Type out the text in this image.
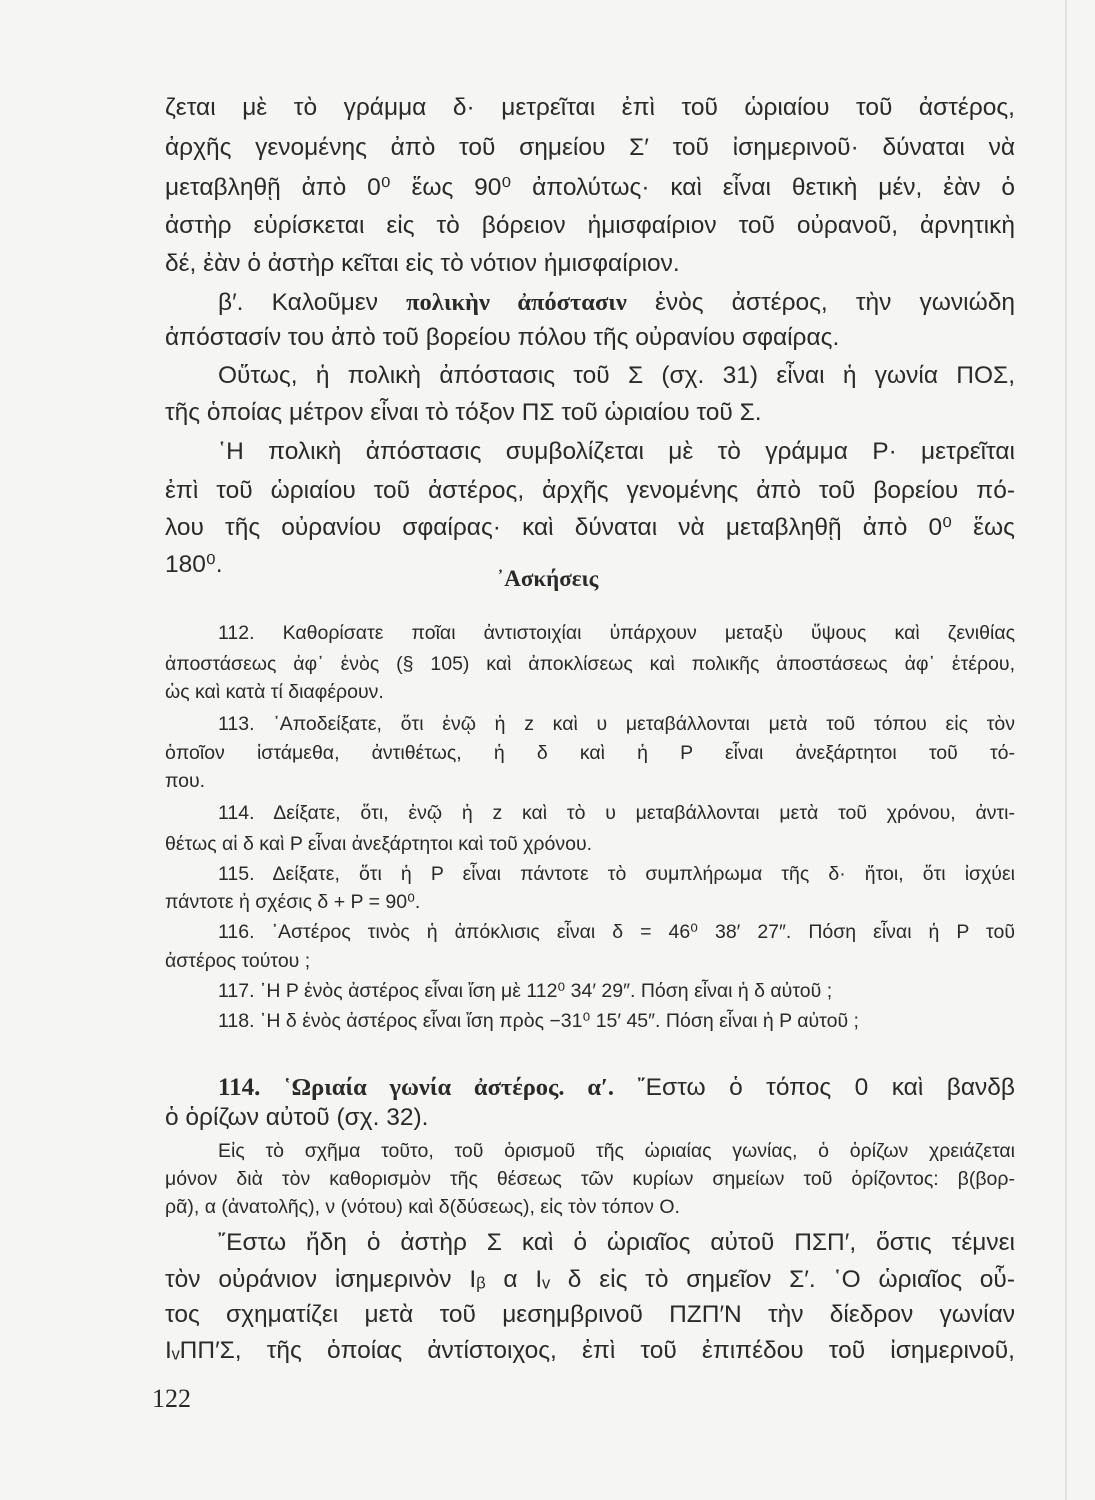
ζεται μὲ τὸ γράμμα δ· μετρεῖται ἐπὶ τοῦ ὡριαίου τοῦ ἀστέρος,
ἀρχῆς γενομένης ἀπὸ τοῦ σημείου Σ′ τοῦ ἰσημερινοῦ· δύναται νὰ
μεταβληθῇ ἀπὸ 0⁰ ἕως 90⁰ ἀπολύτως· καὶ εἶναι θετικὴ μέν, ἐὰν ὁ
ἀστὴρ εὑρίσκεται εἰς τὸ βόρειον ἡμισφαίριον τοῦ οὐρανοῦ, ἀρνητικὴ
δέ, ἐὰν ὁ ἀστὴρ κεῖται εἰς τὸ νότιον ἡμισφαίριον.
β′. Καλοῦμεν πολικὴν ἀπόστασιν ἑνὸς ἀστέρος, τὴν γωνιώδη
ἀπόστασίν του ἀπὸ τοῦ βορείου πόλου τῆς οὐρανίου σφαίρας.
Οὕτως, ἡ πολικὴ ἀπόστασις τοῦ Σ (σχ. 31) εἶναι ἡ γωνία ΠΟΣ,
τῆς ὁποίας μέτρον εἶναι τὸ τόξον ΠΣ τοῦ ὡριαίου τοῦ Σ.
῾Η πολικὴ ἀπόστασις συμβολίζεται μὲ τὸ γράμμα Ρ· μετρεῖται
ἐπὶ τοῦ ὡριαίου τοῦ ἀστέρος, ἀρχῆς γενομένης ἀπὸ τοῦ βορείου πό-
λου τῆς οὐρανίου σφαίρας· καὶ δύναται νὰ μεταβληθῇ ἀπὸ 0⁰ ἕως
180⁰.
᾿Ασκήσεις
112. Καθορίσατε ποῖαι ἀντιστοιχίαι ὑπάρχουν μεταξὺ ὕψους καὶ ζενιθίας
ἀποστάσεως ἀφ᾿ ἑνὸς (§ 105) καὶ ἀποκλίσεως καὶ πολικῆς ἀποστάσεως ἀφ᾿ ἑτέρου,
ὡς καὶ κατὰ τί διαφέρουν.
113. ᾿Αποδείξατε, ὅτι ἐνῷ ἡ z καὶ υ μεταβάλλονται μετὰ τοῦ τόπου εἰς τὸν
ὁποῖον ἱστάμεθα, ἀντιθέτως, ἡ δ καὶ ἡ Ρ εἶναι ἀνεξάρτητοι τοῦ τό-
που.
114. Δείξατε, ὅτι, ἐνῷ ἡ z καὶ τὸ υ μεταβάλλονται μετὰ τοῦ χρόνου, ἀντι-
θέτως αἱ δ καὶ Ρ εἶναι ἀνεξάρτητοι καὶ τοῦ χρόνου.
115. Δείξατε, ὅτι ἡ Ρ εἶναι πάντοτε τὸ συμπλήρωμα τῆς δ· ἤτοι, ὅτι ἰσχύει
πάντοτε ἡ σχέσις δ + Ρ = 90⁰.
116. ᾿Αστέρος τινὸς ἡ ἀπόκλισις εἶναι δ = 46⁰ 38′ 27″. Πόση εἶναι ἡ Ρ τοῦ
ἀστέρος τούτου ;
117. ῾Η Ρ ἑνὸς ἀστέρος εἶναι ἴση μὲ 112⁰ 34′ 29″. Πόση εἶναι ἡ δ αὐτοῦ ;
118. ῾Η δ ἑνὸς ἀστέρος εἶναι ἴση πρὸς −31⁰ 15′ 45″. Πόση εἶναι ἡ Ρ αὐτοῦ ;
114. ῾Ωριαία γωνία ἀστέρος. α′. ῎Εστω ὁ τόπος 0 καὶ βανδβ
ὁ ὁρίζων αὐτοῦ (σχ. 32).
Εἰς τὸ σχῆμα τοῦτο, τοῦ ὁρισμοῦ τῆς ὡριαίας γωνίας, ὁ ὁρίζων χρειάζεται
μόνον διὰ τὸν καθορισμὸν τῆς θέσεως τῶν κυρίων σημείων τοῦ ὁρίζοντος: β(βορ-
ρᾶ), α (ἀνατολῆς), ν (νότου) καὶ δ(δύσεως), εἰς τὸν τόπον Ο.
῎Εστω ἤδη ὁ ἀστὴρ Σ καὶ ὁ ὡριαῖος αὐτοῦ ΠΣΠ′, ὅστις τέμνει
τὸν οὐράνιον ἰσημερινὸν Iᵦ α Iᵥ δ εἰς τὸ σημεῖον Σ′. ῾Ο ὡριαῖος οὗ-
τος σχηματίζει μετὰ τοῦ μεσημβρινοῦ ΠΖΠ′Ν τὴν δίεδρον γωνίαν
IᵥΠΠ′Σ, τῆς ὁποίας ἀντίστοιχος, ἐπὶ τοῦ ἐπιπέδου τοῦ ἰσημερινοῦ,
122
